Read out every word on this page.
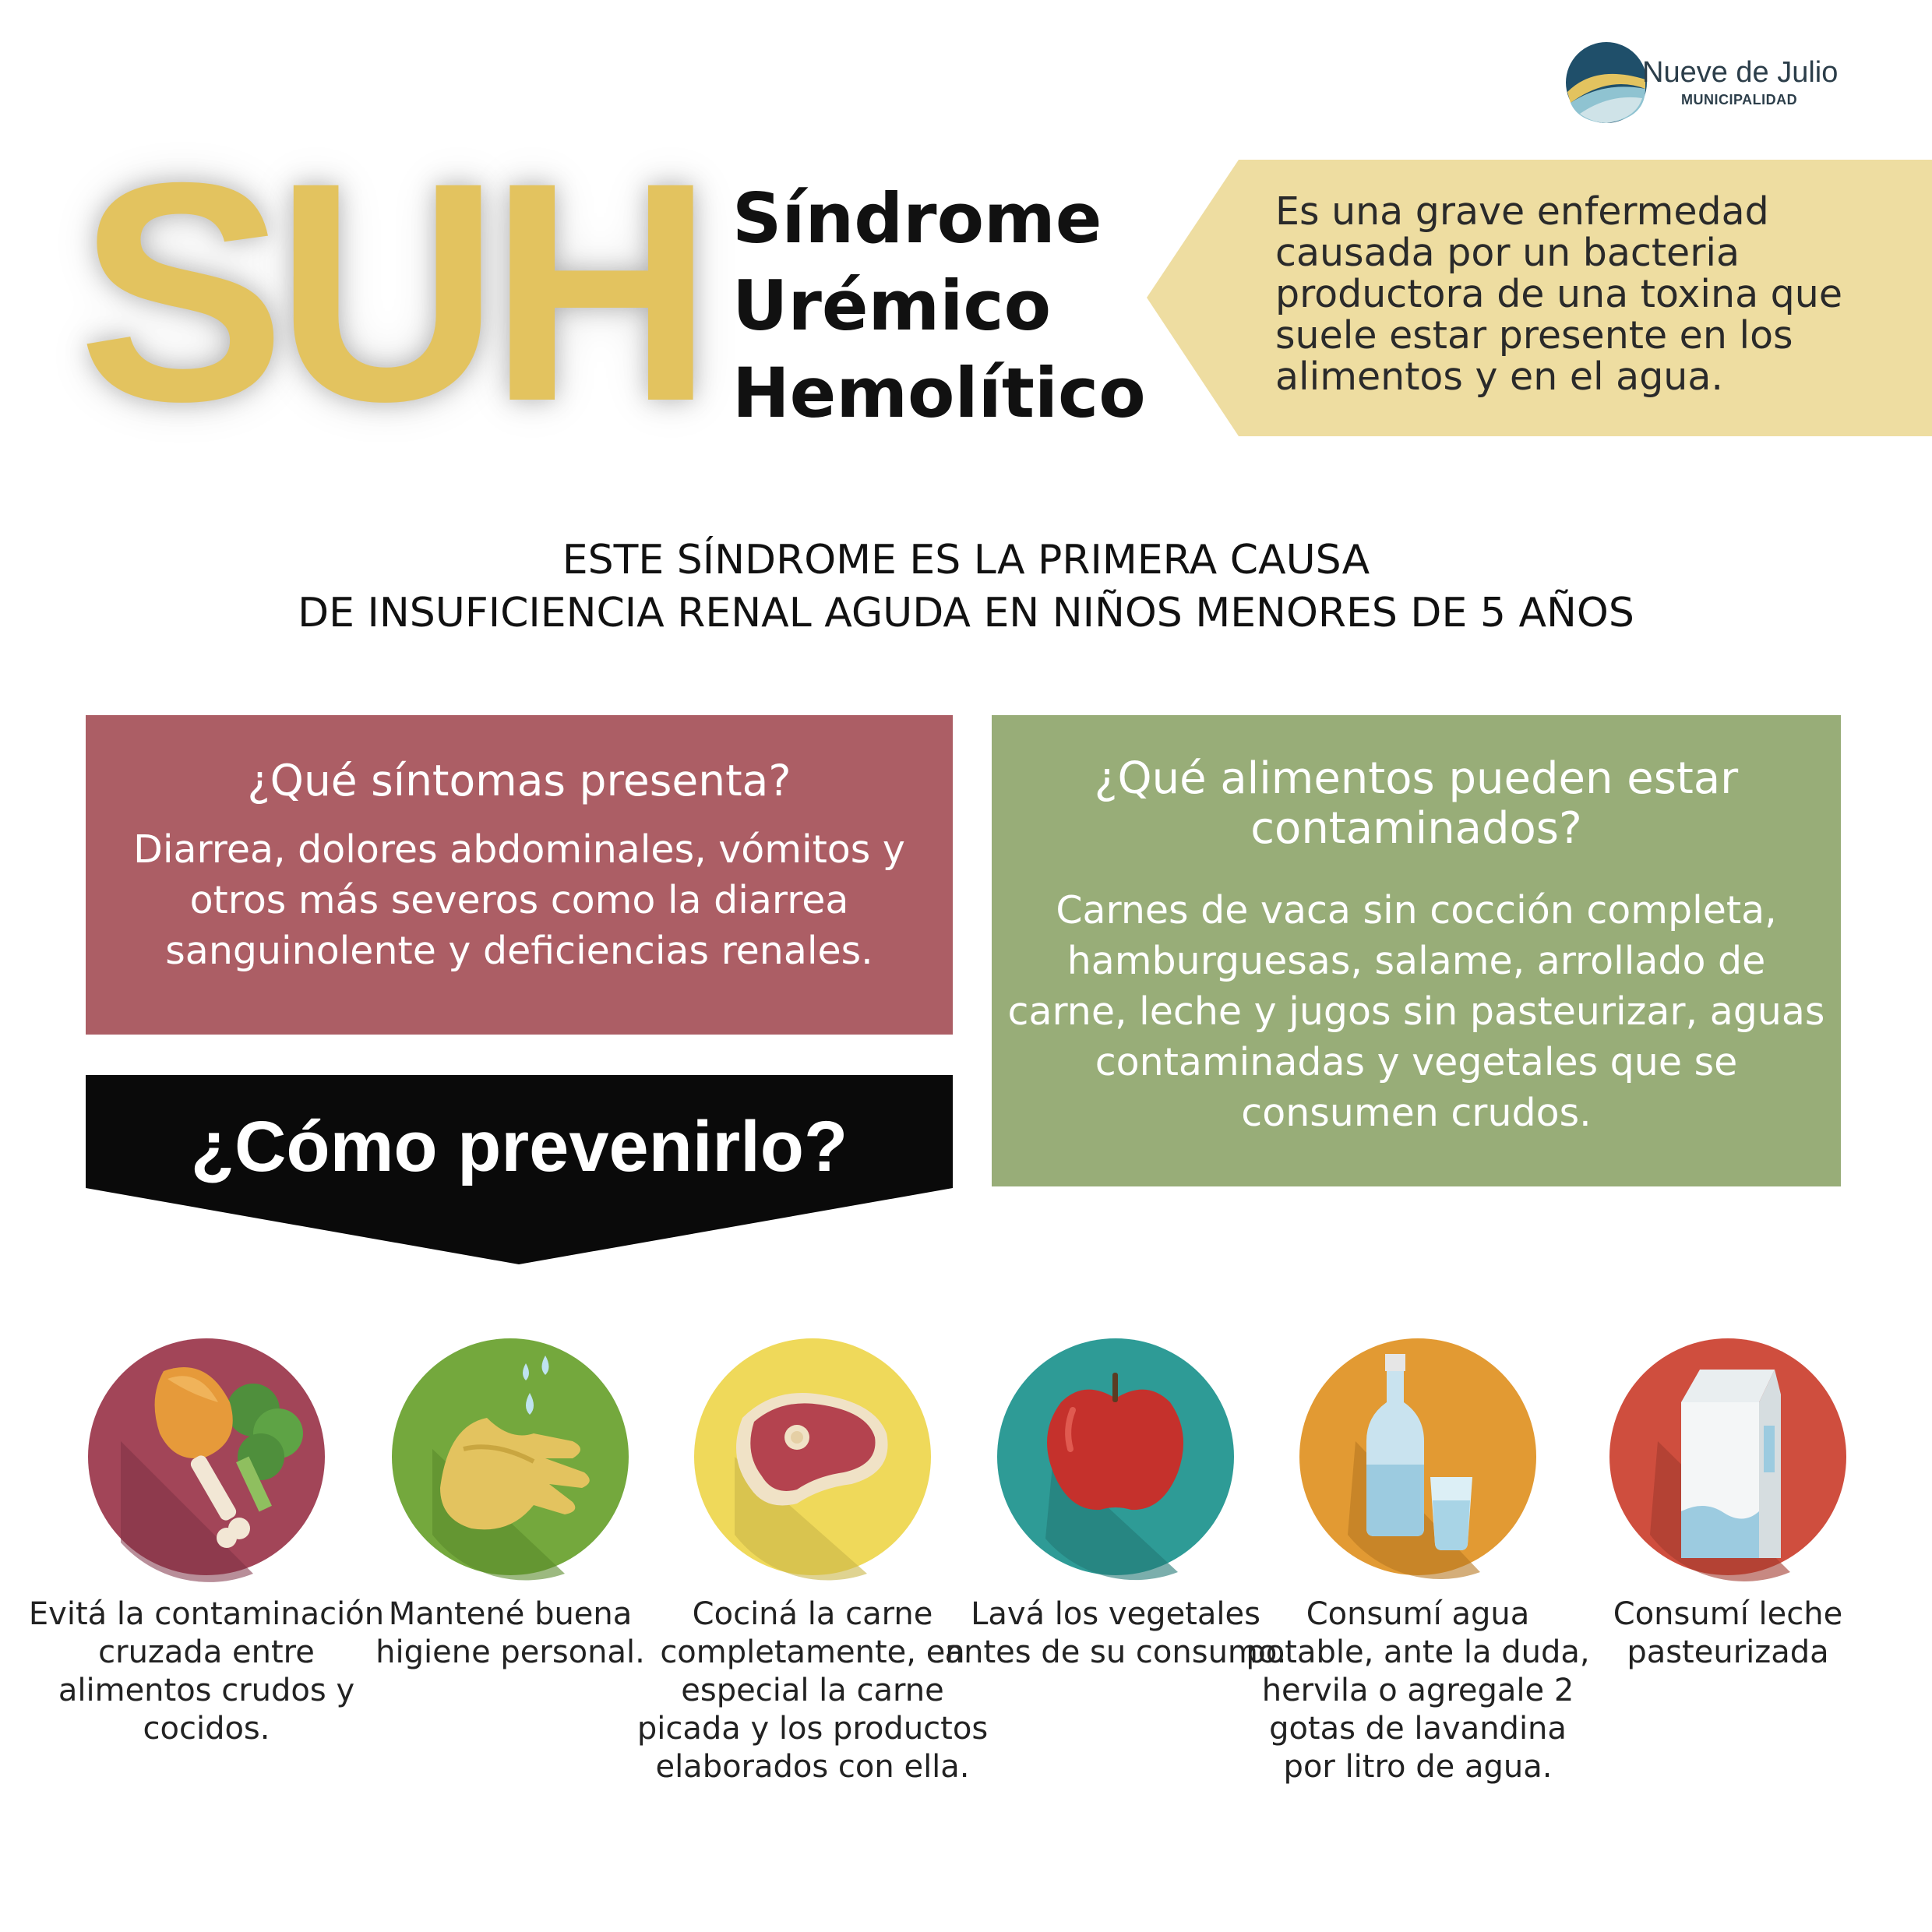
Nueve de Julio
MUNICIPALIDAD
SUH Síndrome
Urémico
Hemolítico
Es una grave enfermedad causada por un bacteria productora de una toxina que suele estar presente en los alimentos y en el agua.
ESTE SÍNDROME ES LA PRIMERA CAUSA
DE INSUFICIENCIA RENAL AGUDA EN NIÑOS MENORES DE 5 AÑOS
¿Qué síntomas presenta?
Diarrea, dolores abdominales, vómitos y otros más severos como la diarrea sanguinolente y deficiencias renales.
¿Qué alimentos pueden estar contaminados?
Carnes de vaca sin cocción completa, hamburguesas, salame, arrollado de carne, leche y jugos sin pasteurizar, aguas contaminadas y vegetales que se consumen crudos.
¿Cómo prevenirlo?
Evitá la contaminación cruzada entre alimentos crudos y cocidos.
Mantené buena higiene personal.
Cociná la carne completamente, en especial la carne picada y los productos elaborados con ella.
Lavá los vegetales antes de su consumo.
Consumí agua potable, ante la duda, hervila o agregale 2 gotas de lavandina por litro de agua.
Consumí leche pasteurizada
